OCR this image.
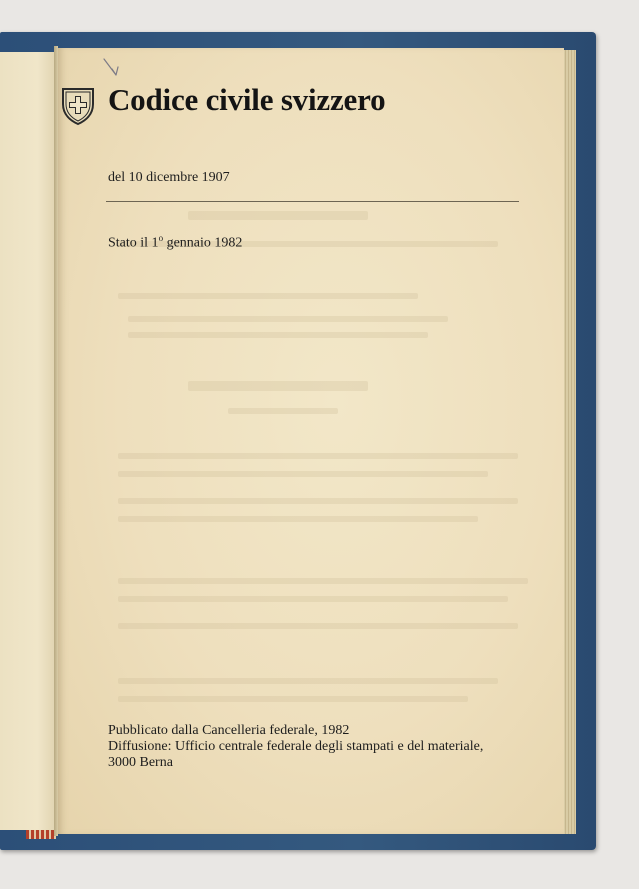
Codice civile svizzero
del 10 dicembre 1907
Stato il 1$^o$ gennaio 1982
Pubblicato dalla Cancelleria federale, 1982
Diffusione: Ufficio centrale federale degli stampati e del materiale,
3000 Berna
